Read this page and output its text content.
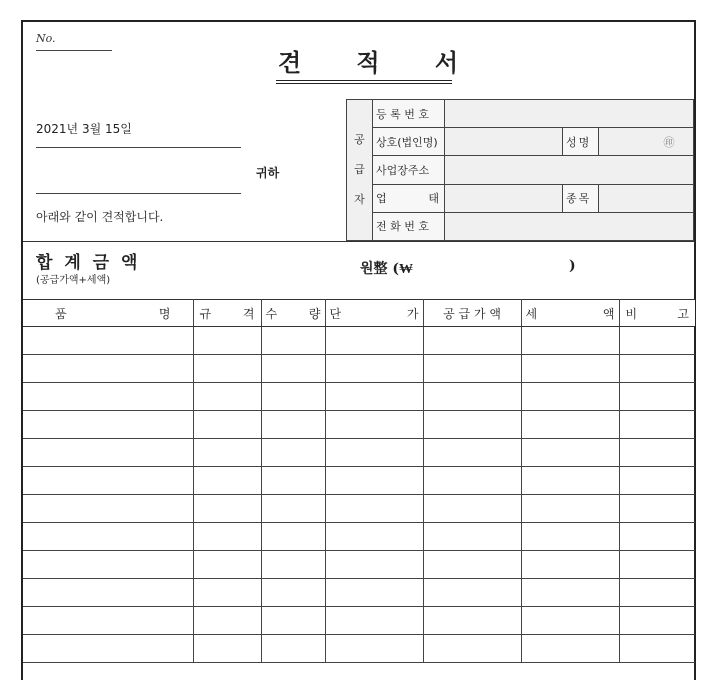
No.
견 적 서
2021년 3월 15일
귀하
아래와 같이 견적합니다.
공
급
자	등 록 번 호			
	상호(법인명)		성명	㊞
	사업장주소			

	업 태		종목	
	전 화 번 호			
합 계 금 액
(공급가액+세액)
원整 (₩	)
품 명	규 격	수 량	단 가	공 급 가 액	세 액	비 고
